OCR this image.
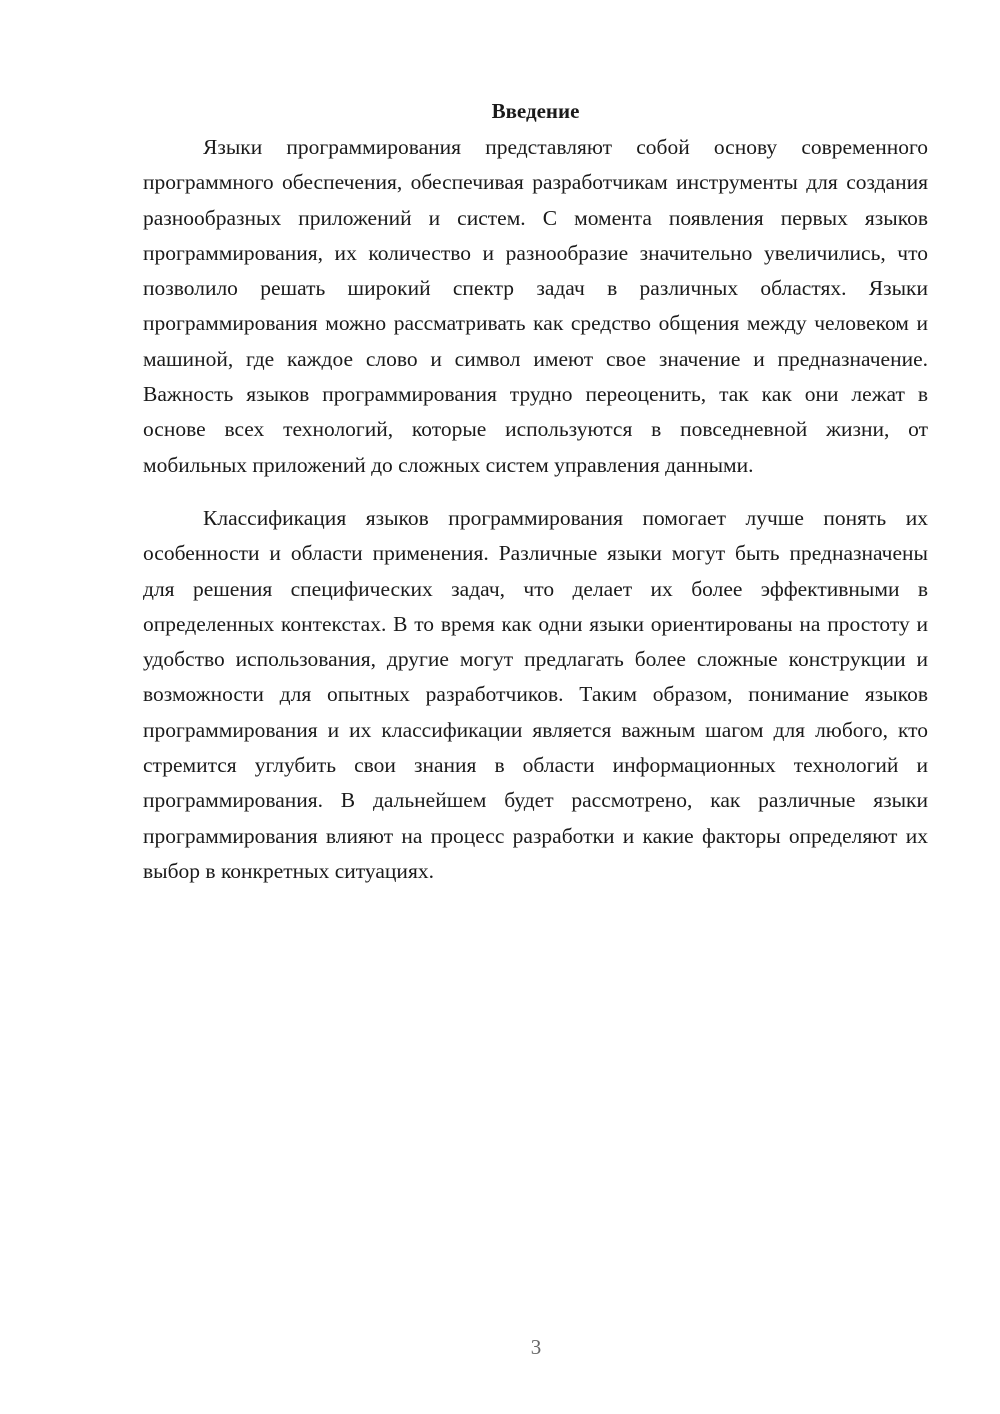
Введение

Языки программирования представляют собой основу современного программного обеспечения, обеспечивая разработчикам инструменты для создания разнообразных приложений и систем. С момента появления первых языков программирования, их количество и разнообразие значительно увеличились, что позволило решать широкий спектр задач в различных областях. Языки программирования можно рассматривать как средство общения между человеком и машиной, где каждое слово и символ имеют свое значение и предназначение. Важность языков программирования трудно переоценить, так как они лежат в основе всех технологий, которые используются в повседневной жизни, от мобильных приложений до сложных систем управления данными.

Классификация языков программирования помогает лучше понять их особенности и области применения. Различные языки могут быть предназначены для решения специфических задач, что делает их более эффективными в определенных контекстах. В то время как одни языки ориентированы на простоту и удобство использования, другие могут предлагать более сложные конструкции и возможности для опытных разработчиков. Таким образом, понимание языков программирования и их классификации является важным шагом для любого, кто стремится углубить свои знания в области информационных технологий и программирования. В дальнейшем будет рассмотрено, как различные языки программирования влияют на процесс разработки и какие факторы определяют их выбор в конкретных ситуациях.

3
